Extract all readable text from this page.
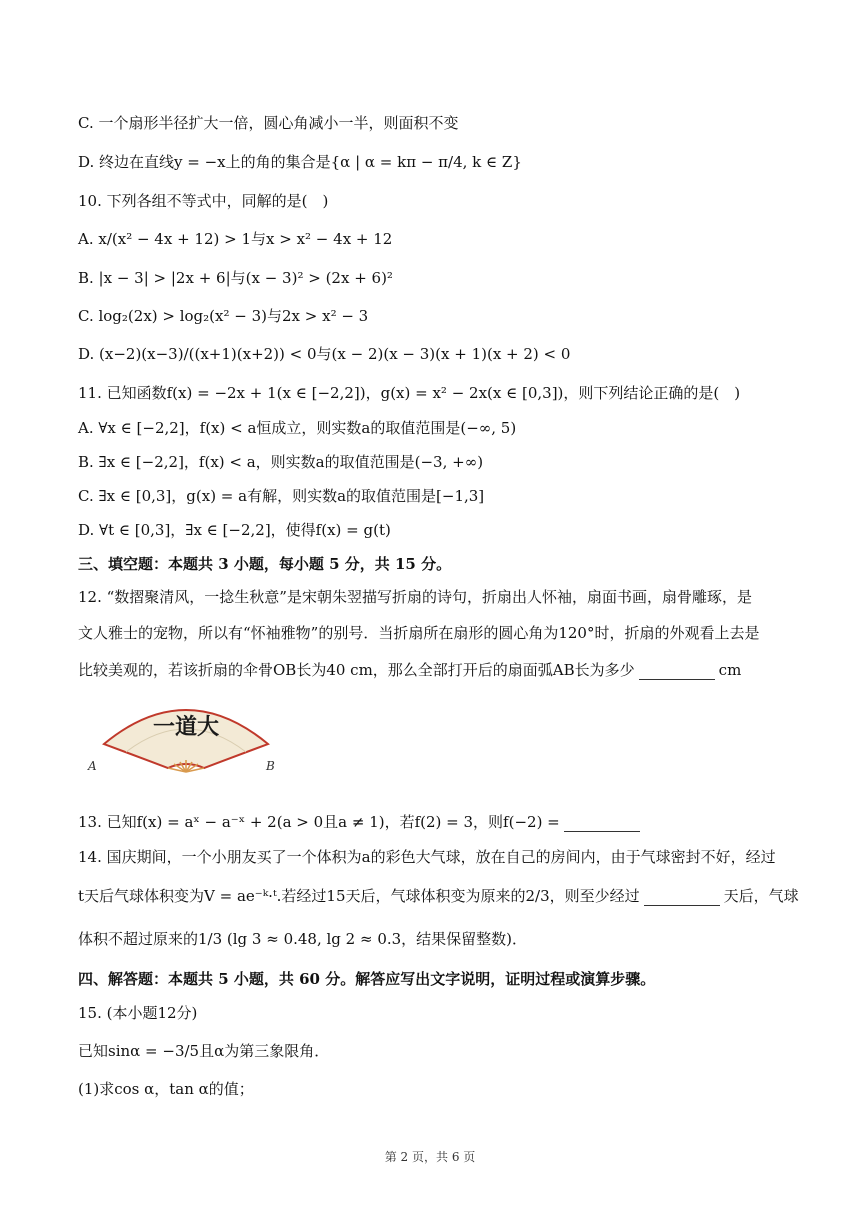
C. 一个扇形半径扩大一倍，圆心角减小一半，则面积不变
D. 终边在直线y = −x上的角的集合是{α | α = kπ − π/4, k ∈ Z}
10. 下列各组不等式中，同解的是(　)
A. x/(x² − 4x + 12) > 1与x > x² − 4x + 12
B. |x − 3| > |2x + 6|与(x − 3)² > (2x + 6)²
C. log₂(2x) > log₂(x² − 3)与2x > x² − 3
D. (x−2)(x−3)/((x+1)(x+2)) < 0与(x − 2)(x − 3)(x + 1)(x + 2) < 0
11. 已知函数f(x) = −2x + 1(x ∈ [−2,2])，g(x) = x² − 2x(x ∈ [0,3])，则下列结论正确的是(　)
A. ∀x ∈ [−2,2]，f(x) < a恒成立，则实数a的取值范围是(−∞, 5)
B. ∃x ∈ [−2,2]，f(x) < a，则实数a的取值范围是(−3, +∞)
C. ∃x ∈ [0,3]，g(x) = a有解，则实数a的取值范围是[−1,3]
D. ∀t ∈ [0,3]，∃x ∈ [−2,2]，使得f(x) = g(t)
三、填空题：本题共 3 小题，每小题 5 分，共 15 分。
12. “数摺聚清风，一捻生秋意”是宋朝朱翌描写折扇的诗句，折扇出人怀袖，扇面书画，扇骨雕琢，是
文人雅士的宠物，所以有“怀袖雅物”的别号．当折扇所在扇形的圆心角为120°时，折扇的外观看上去是
比较美观的，若该折扇的伞骨OB长为40 cm，那么全部打开后的扇面弧AB长为多少	cm
一道大
A	B
13. 已知f(x) = aˣ − a⁻ˣ + 2(a > 0且a ≠ 1)，若f(2) = 3，则f(−2) =
14. 国庆期间，一个小朋友买了一个体积为a的彩色大气球，放在自己的房间内，由于气球密封不好，经过
t天后气球体积变为V = ae⁻ᵏ·ᵗ.若经过15天后，气球体积变为原来的2/3，则至少经过	天后，气球
体积不超过原来的1/3 (lg 3 ≈ 0.48, lg 2 ≈ 0.3，结果保留整数)．
四、解答题：本题共 5 小题，共 60 分。解答应写出文字说明，证明过程或演算步骤。
15. (本小题12分)
已知sinα = −3/5且α为第三象限角．
(1)求cos α，tan α的值；
第 2 页，共 6 页
